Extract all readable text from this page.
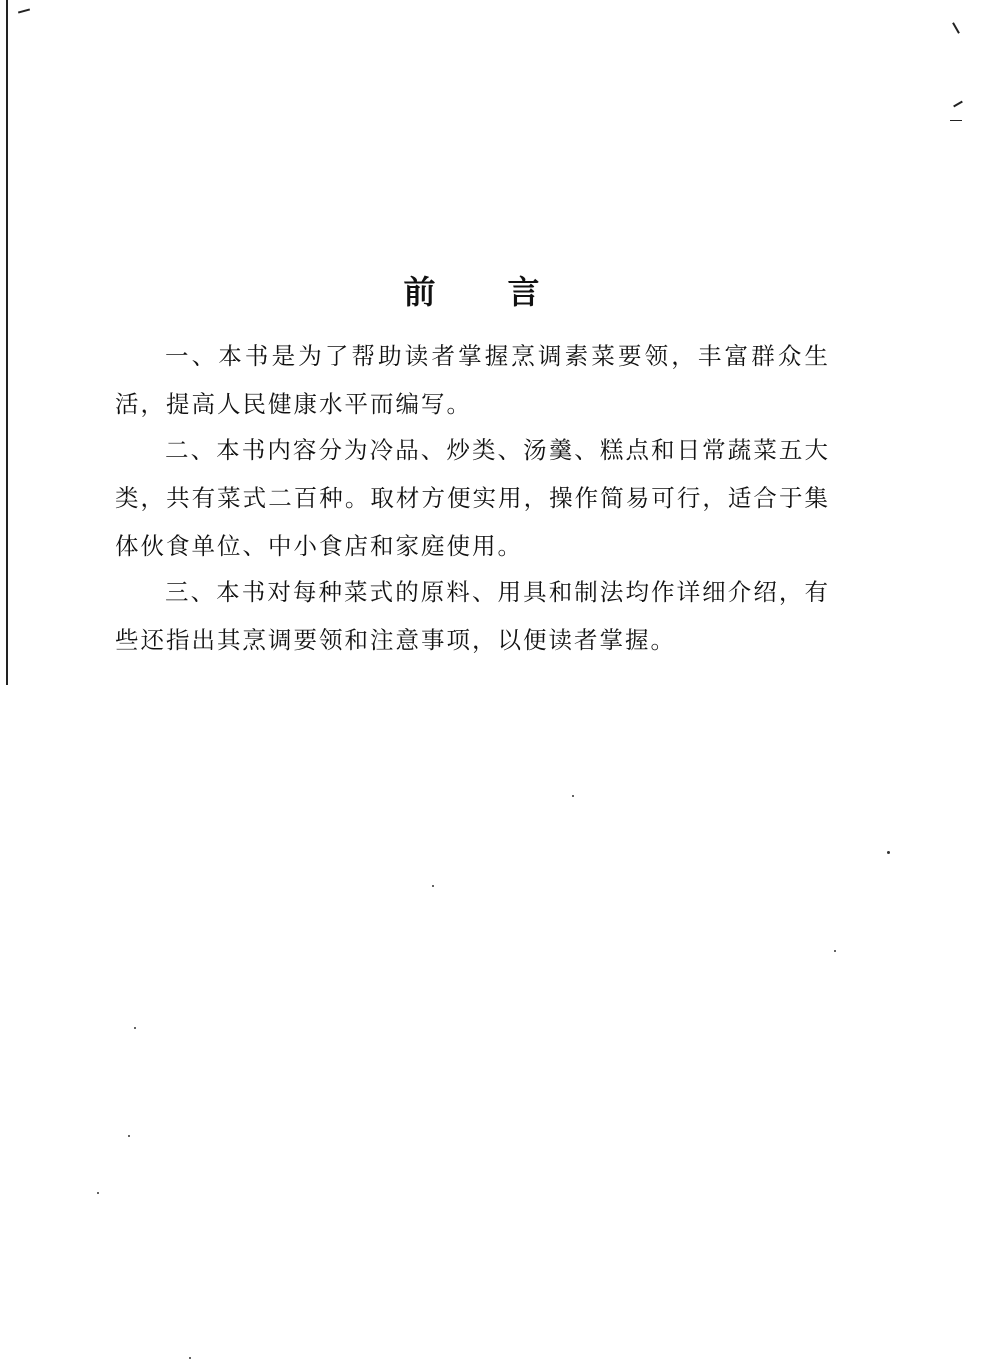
前 言

一、本书是为了帮助读者掌握烹调素菜要领，丰富群众生活，提高人民健康水平而编写。

二、本书内容分为冷品、炒类、汤羹、糕点和日常蔬菜五大类，共有菜式二百种。取材方便实用，操作简易可行，适合于集体伙食单位、中小食店和家庭使用。

三、本书对每种菜式的原料、用具和制法均作详细介绍，有些还指出其烹调要领和注意事项，以便读者掌握。
